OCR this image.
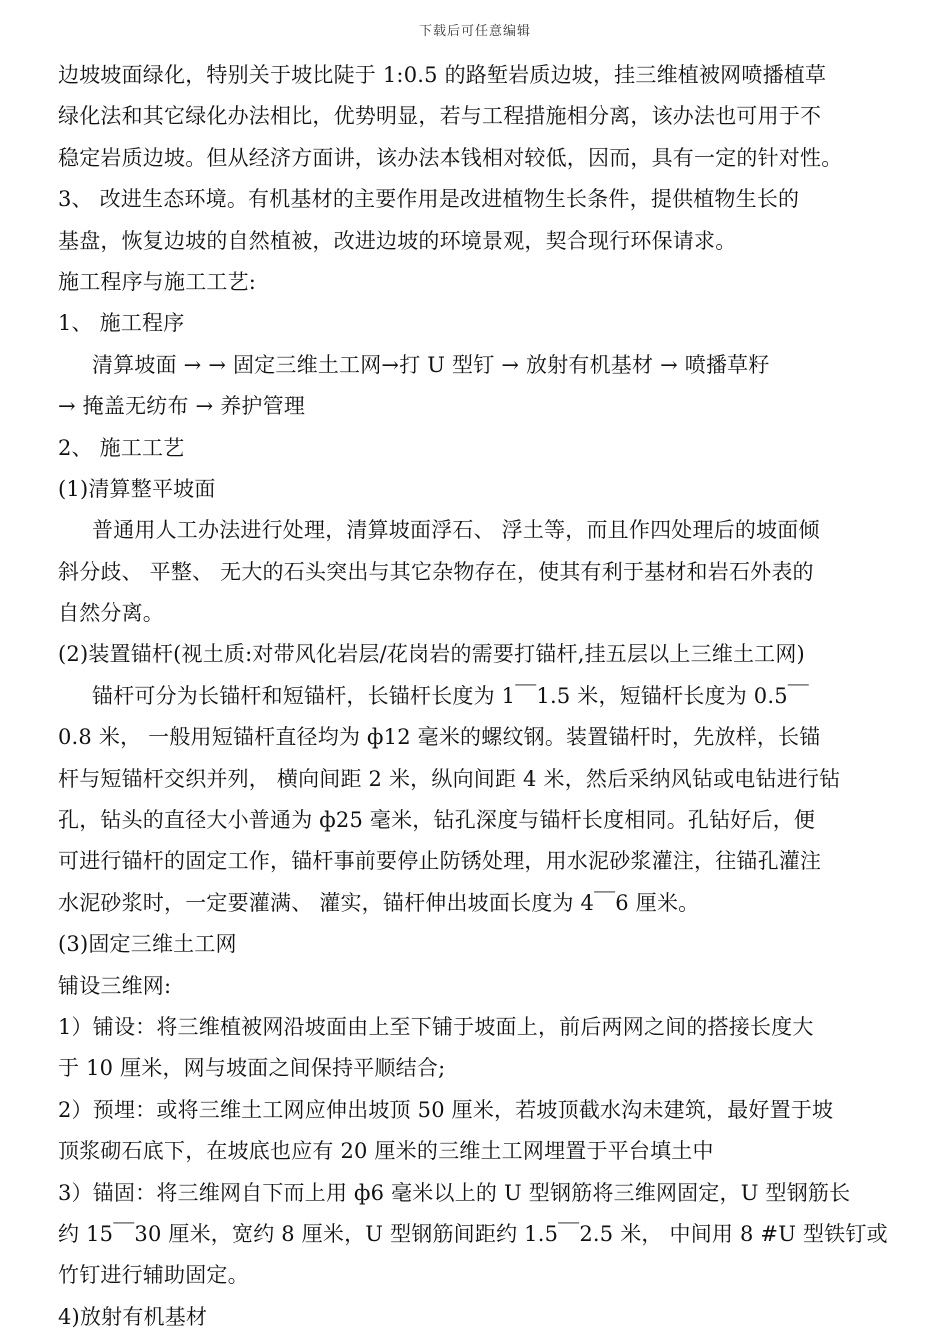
下载后可任意编辑
边坡坡面绿化，特别关于坡比陡于 1:0.5 的路堑岩质边坡，挂三维植被网喷播植草
绿化法和其它绿化办法相比，优势明显，若与工程措施相分离，该办法也可用于不
稳定岩质边坡。但从经济方面讲，该办法本钱相对较低，因而，具有一定的针对性。
3、 改进生态环境。有机基材的主要作用是改进植物生长条件，提供植物生长的
基盘，恢复边坡的自然植被，改进边坡的环境景观，契合现行环保请求。
施工程序与施工工艺:
1、 施工程序
清算坡面 → → 固定三维土工网→打 U 型钉 → 放射有机基材 → 喷播草籽
→ 掩盖无纺布 → 养护管理
2、 施工工艺
(1)清算整平坡面
普通用人工办法进行处理，清算坡面浮石、 浮土等，而且作四处理后的坡面倾
斜分歧、 平整、 无大的石头突出与其它杂物存在，使其有利于基材和岩石外表的
自然分离。
(2)装置锚杆(视土质:对带风化岩层/花岗岩的需要打锚杆,挂五层以上三维土工网)
锚杆可分为长锚杆和短锚杆，长锚杆长度为 1￣1.5 米，短锚杆长度为 0.5￣
0.8 米， 一般用短锚杆直径均为 ф12 毫米的螺纹钢。装置锚杆时，先放样，长锚
杆与短锚杆交织并列， 横向间距 2 米，纵向间距 4 米，然后采纳风钻或电钻进行钻
孔，钻头的直径大小普通为 ф25 毫米，钻孔深度与锚杆长度相同。孔钻好后，便
可进行锚杆的固定工作，锚杆事前要停止防锈处理，用水泥砂浆灌注，往锚孔灌注
水泥砂浆时，一定要灌满、 灌实，锚杆伸出坡面长度为 4￣6 厘米。
(3)固定三维土工网
铺设三维网:
1）铺设：将三维植被网沿坡面由上至下铺于坡面上，前后两网之间的搭接长度大
于 10 厘米，网与坡面之间保持平顺结合;
2）预埋：或将三维土工网应伸出坡顶 50 厘米，若坡顶截水沟未建筑，最好置于坡
顶浆砌石底下，在坡底也应有 20 厘米的三维土工网埋置于平台填土中
3）锚固：将三维网自下而上用 ф6 毫米以上的 U 型钢筋将三维网固定，U 型钢筋长
约 15￣30 厘米，宽约 8 厘米，U 型钢筋间距约 1.5￣2.5 米， 中间用 8 #U 型铁钉或
竹钉进行辅助固定。
4)放射有机基材
